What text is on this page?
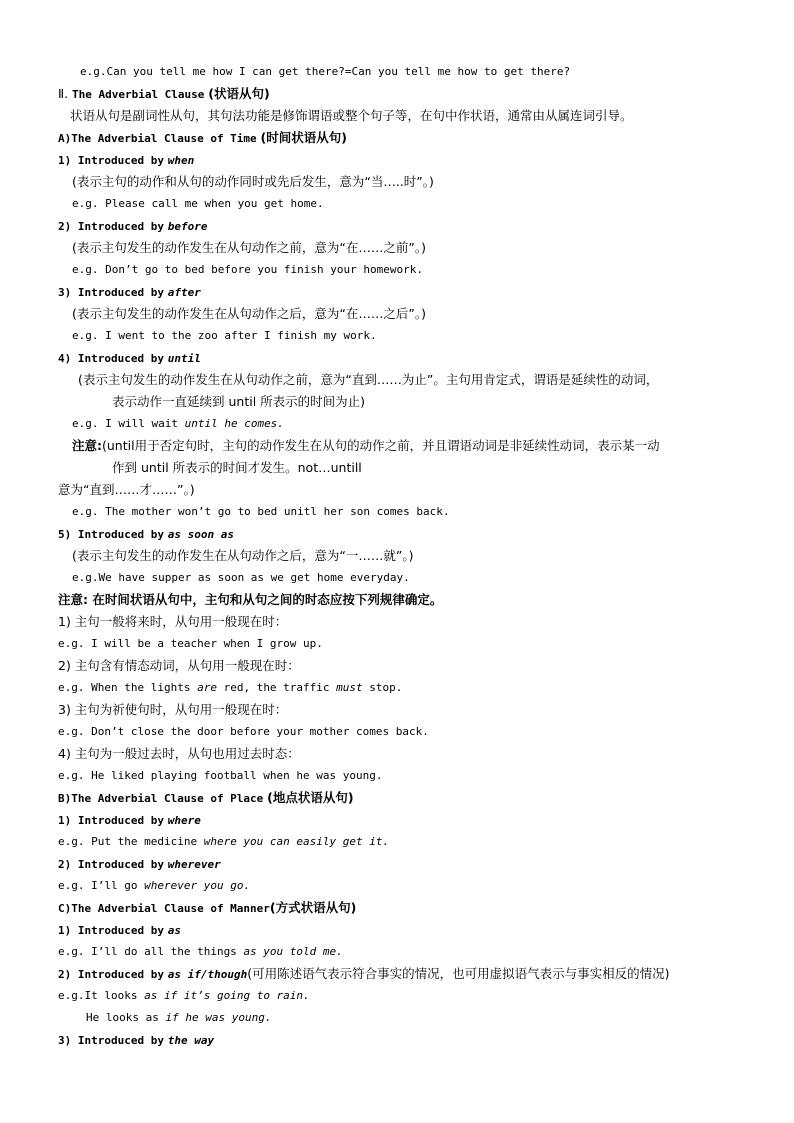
e.g.Can you tell me how I can get there?=Can you tell me how to get there?
Ⅱ. The Adverbial Clause (状语从句)
状语从句是副词性从句，其句法功能是修饰谓语或整个句子等，在句中作状语，通常由从属连词引导。
A)The Adverbial Clause of Time (时间状语从句)
1) Introduced by when
(表示主句的动作和从句的动作同时或先后发生，意为“当…..时”。)
e.g. Please call me when you get home.
2) Introduced by before
(表示主句发生的动作发生在从句动作之前，意为“在……之前”。)
e.g. Don’t go to bed before you finish your homework.
3) Introduced by after
(表示主句发生的动作发生在从句动作之后，意为“在……之后”。)
e.g. I went to the zoo after I finish my work.
4) Introduced by until
(表示主句发生的动作发生在从句动作之前，意为“直到……为止”。主句用肯定式，谓语是延续性的动词，
表示动作一直延续到 until 所表示的时间为止)
e.g. I will wait until he comes.
注意:(until用于否定句时，主句的动作发生在从句的动作之前，并且谓语动词是非延续性动词，表示某一动
作到 until 所表示的时间才发生。not…untill
意为“直到……才……”。)
e.g. The mother won’t go to bed unitl her son comes back.
5) Introduced by as soon as
(表示主句发生的动作发生在从句动作之后，意为“一……就”。)
e.g.We have supper as soon as we get home everyday.
注意: 在时间状语从句中，主句和从句之间的时态应按下列规律确定。
1) 主句一般将来时，从句用一般现在时：
e.g. I will be a teacher when I grow up.
2) 主句含有情态动词，从句用一般现在时：
e.g. When the lights are red, the traffic must stop.
3) 主句为祈使句时，从句用一般现在时：
e.g. Don’t close the door before your mother comes back.
4) 主句为一般过去时，从句也用过去时态：
e.g. He liked playing football when he was young.
B)The Adverbial Clause of Place (地点状语从句)
1) Introduced by where
e.g. Put the medicine where you can easily get it.
2) Introduced by wherever
e.g. I’ll go wherever you go.
C)The Adverbial Clause of Manner(方式状语从句)
1) Introduced by as
e.g. I’ll do all the things as you told me.
2) Introduced by as if/though(可用陈述语气表示符合事实的情况，也可用虚拟语气表示与事实相反的情况)
e.g.It looks as if it’s going to rain.
He looks as if he was young.
3) Introduced by the way
